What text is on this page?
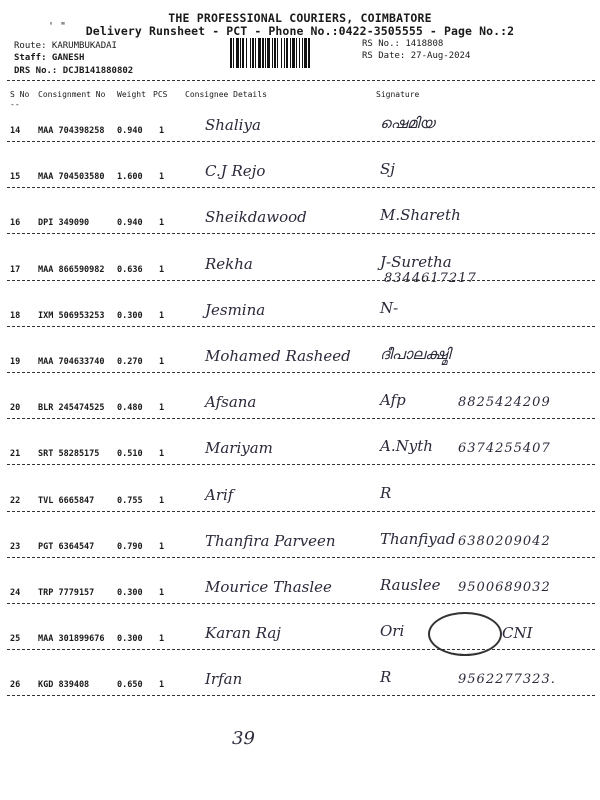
' "
THE PROFESSIONAL COURIERS, COIMBATORE
Delivery Runsheet - PCT - Phone No.:0422-3505555 - Page No.:2
Route: KARUMBUKADAI
Staff: GANESH
DRS No.: DCJB141880802
RS No.: 1418808
RS Date: 27-Aug-2024
S No Consignment No Weight PCS Consignee Details	Signature
--
14 MAA 704398258 0.940 1	Shaliya	ഷെമിയ
15 MAA 704503580 1.600 1	C.J Rejo	Sj
16 DPI 349090	0.940 1	Sheikdawood	M.Shareth
17 MAA 866590982 0.636 1	Rekha	J-Suretha
8344617217
18 IXM 506953253 0.300 1	Jesmina	N-
19 MAA 704633740 0.270 1	Mohamed Rasheed ദീപാലക്ഷ്മി
20 BLR 245474525 0.480 1	Afsana	Afp	8825424209
21 SRT 58285175 0.510 1	Mariyam	A.Nyth 6374255407
22 TVL 6665847	0.755 1	Arif	R
23 PGT 6364547	0.790 1	Thanfira Parveen	Thanfiyad 6380209042
24 TRP 7779157	0.300 1	Mourice Thaslee	Rauslee 9500689032
25 MAA 301899676 0.300 1	Karan Raj	Ori	CNI
26 KGD 839408	0.650 1	Irfan	R	9562277323.
39
